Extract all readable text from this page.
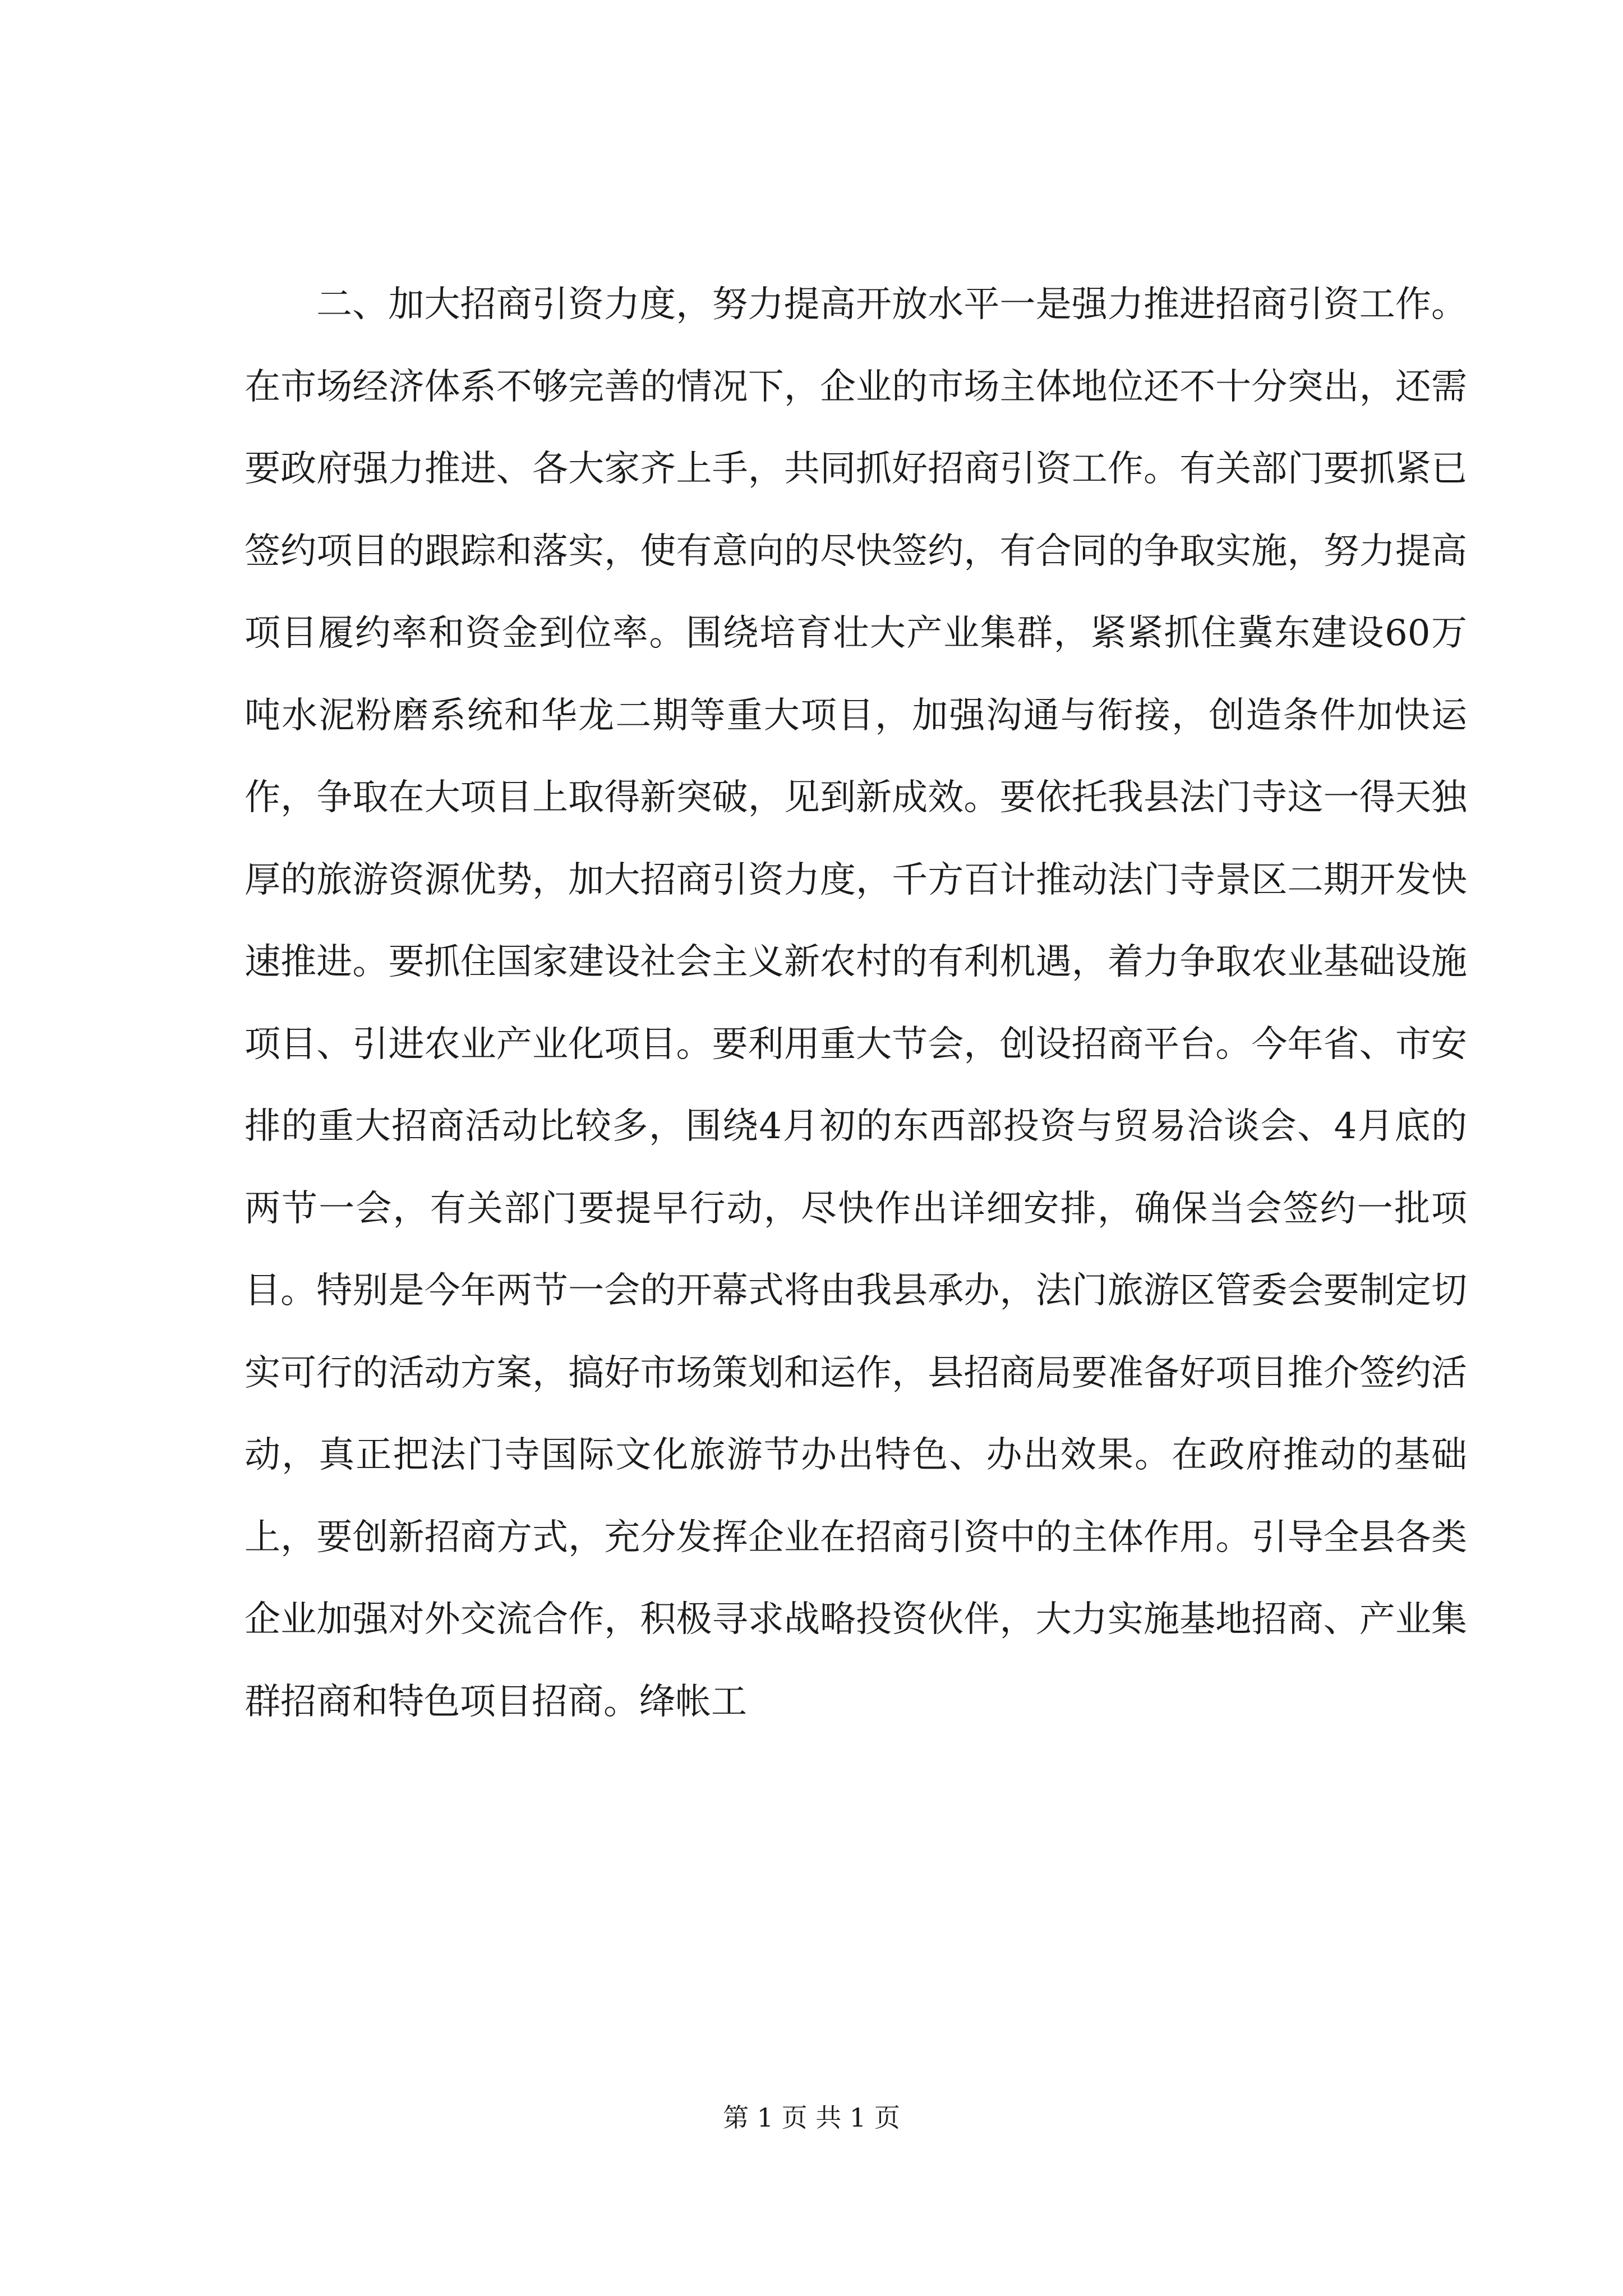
二、加大招商引资力度，努力提高开放水平一是强力推进招商引资工作。在市场经济体系不够完善的情况下，企业的市场主体地位还不十分突出，还需要政府强力推进、各大家齐上手，共同抓好招商引资工作。有关部门要抓紧已签约项目的跟踪和落实，使有意向的尽快签约，有合同的争取实施，努力提高项目履约率和资金到位率。围绕培育壮大产业集群，紧紧抓住冀东建设60万吨水泥粉磨系统和华龙二期等重大项目，加强沟通与衔接，创造条件加快运作，争取在大项目上取得新突破，见到新成效。要依托我县法门寺这一得天独厚的旅游资源优势，加大招商引资力度，千方百计推动法门寺景区二期开发快速推进。要抓住国家建设社会主义新农村的有利机遇，着力争取农业基础设施项目、引进农业产业化项目。要利用重大节会，创设招商平台。今年省、市安排的重大招商活动比较多，围绕4月初的东西部投资与贸易洽谈会、4月底的两节一会，有关部门要提早行动，尽快作出详细安排，确保当会签约一批项目。特别是今年两节一会的开幕式将由我县承办，法门旅游区管委会要制定切实可行的活动方案，搞好市场策划和运作，县招商局要准备好项目推介签约活动，真正把法门寺国际文化旅游节办出特色、办出效果。在政府推动的基础上，要创新招商方式，充分发挥企业在招商引资中的主体作用。引导全县各类企业加强对外交流合作，积极寻求战略投资伙伴，大力实施基地招商、产业集群招商和特色项目招商。绛帐工

第 1 页 共 1 页
